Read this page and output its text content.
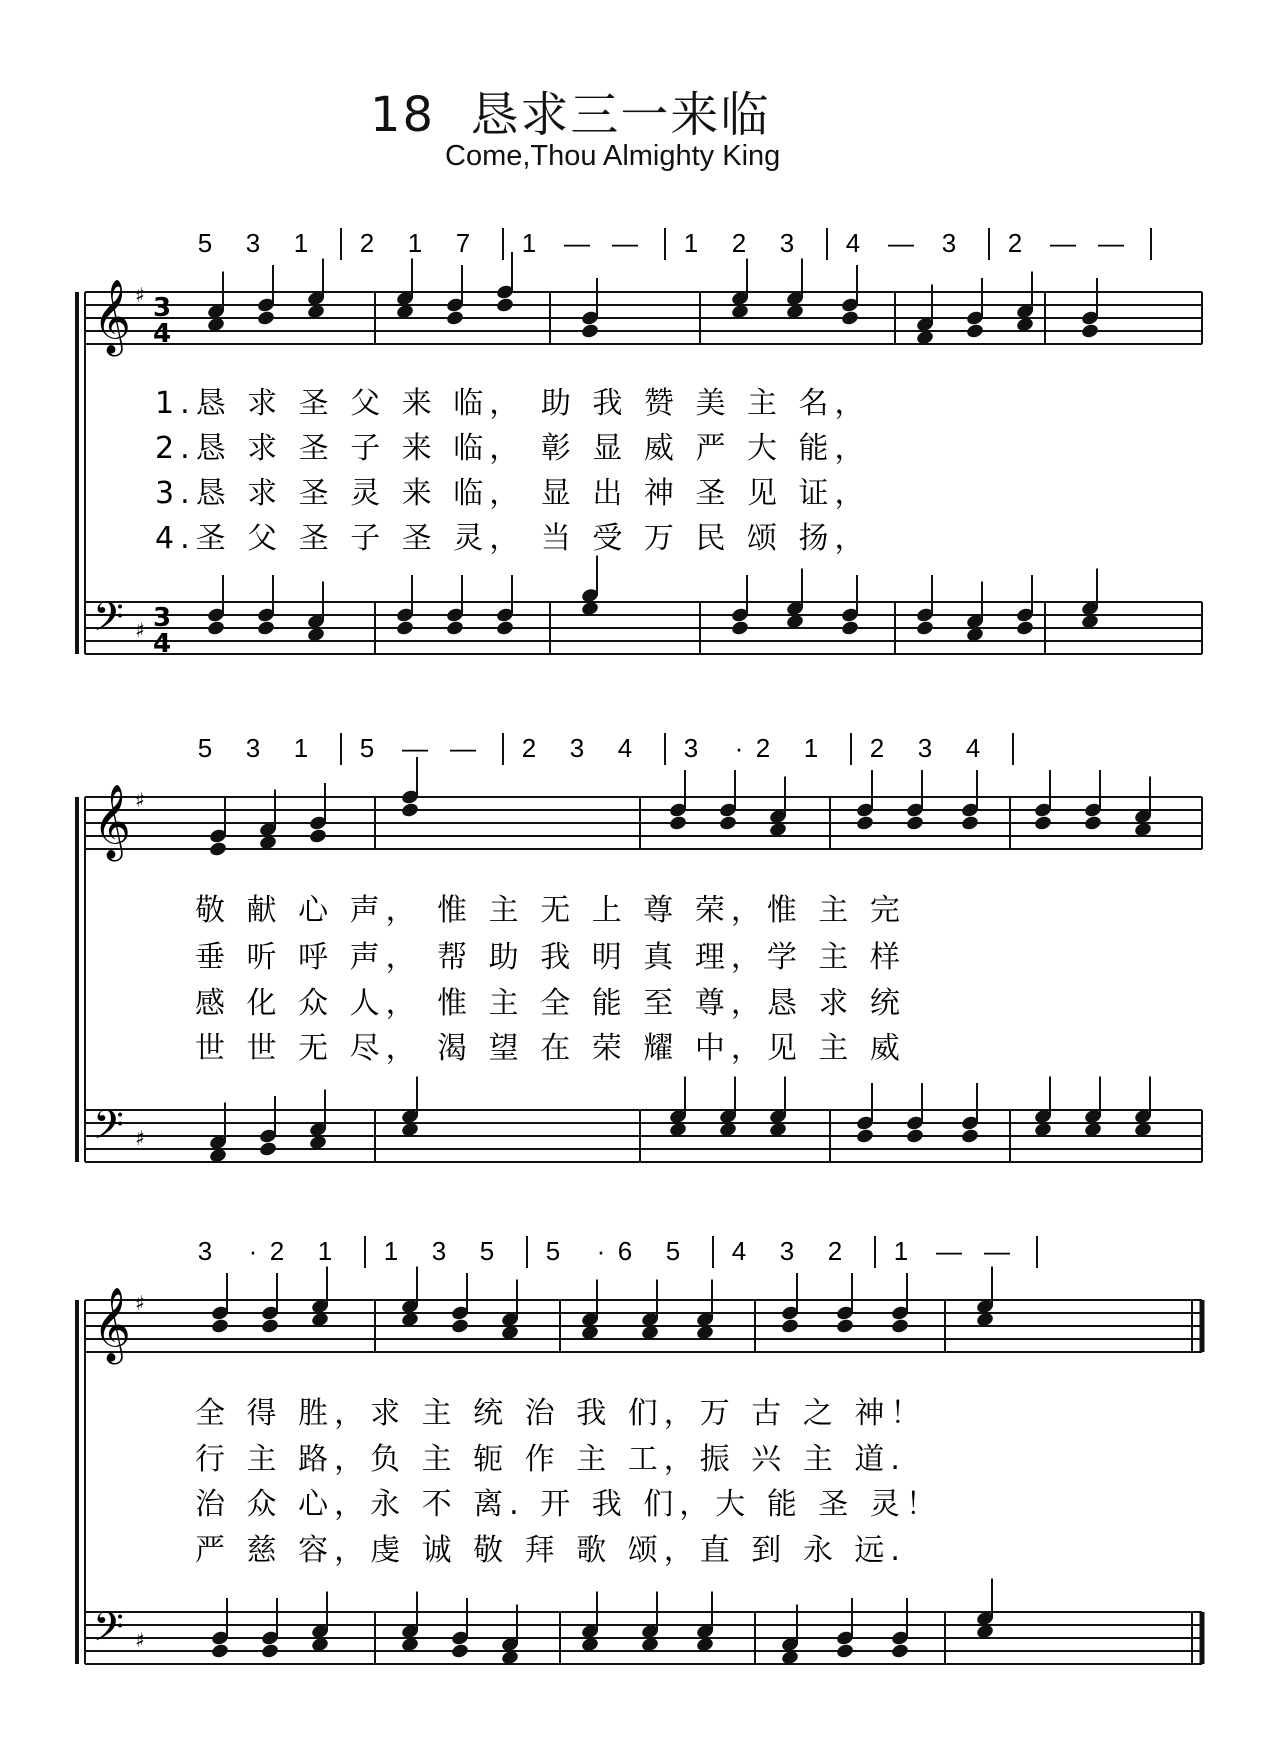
18 恳求三一来临
Come,Thou Almighty King
𝄞
𝄢
♯
♯
3
4
3
4
𝄞
𝄢
♯
♯
𝄞
𝄢
♯
♯
5 3 1 2 1 7 1 — — 1 2 3 4 — 3 2 — —
5 3 1 5 — — 2 3 4 3 · 2 1 2 3 4
3 · 2 1 1 3 5 5 · 6 5 4 3 2 1 — —
1.恳 求 圣 父 来 临， 助 我 赞 美 主 名，
2.恳 求 圣 子 来 临， 彰 显 威 严 大 能，
3.恳 求 圣 灵 来 临， 显 出 神 圣 见 证，
4.圣 父 圣 子 圣 灵， 当 受 万 民 颂 扬，
敬 献 心 声， 惟 主 无 上 尊 荣，惟 主 完
垂 听 呼 声， 帮 助 我 明 真 理，学 主 样
感 化 众 人， 惟 主 全 能 至 尊，恳 求 统
世 世 无 尽， 渴 望 在 荣 耀 中，见 主 威
全 得 胜，求 主 统 治 我 们，万 古 之 神！
行 主 路，负 主 轭 作 主 工，振 兴 主 道.
治 众 心，永 不 离. 开 我 们，大 能 圣 灵！
严 慈 容，虔 诚 敬 拜 歌 颂，直 到 永 远.
